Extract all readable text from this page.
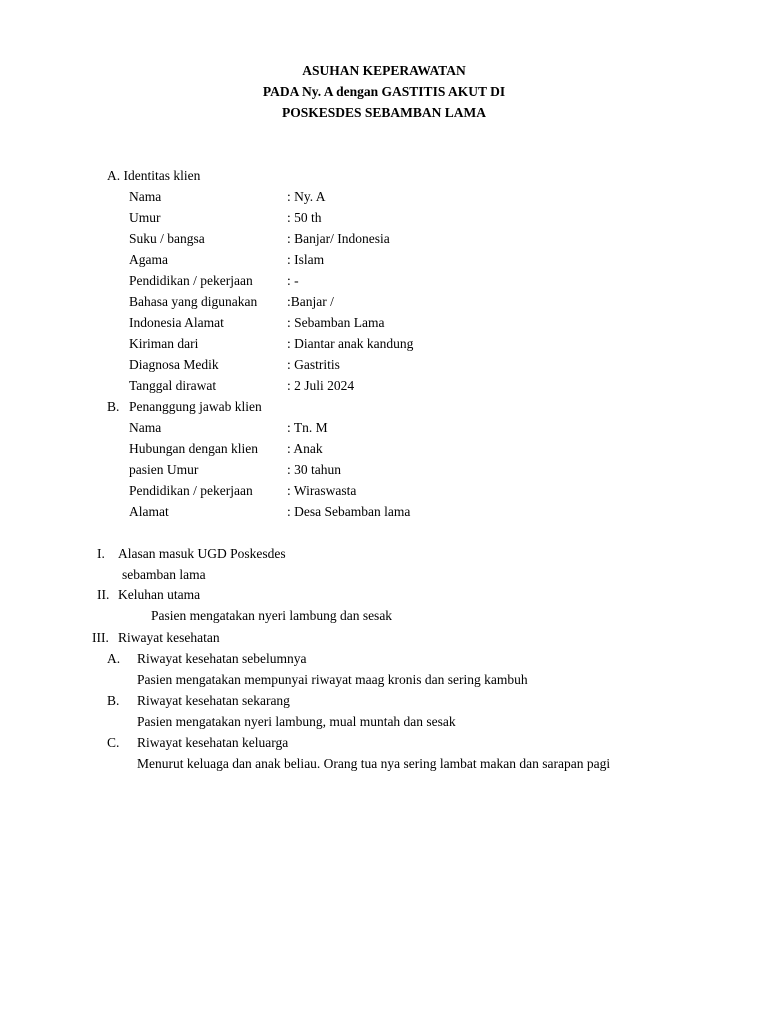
ASUHAN KEPERAWATAN
PADA Ny. A dengan GASTITIS AKUT DI
POSKESDES SEBAMBAN LAMA
A. Identitas klien
Nama	: Ny. A
Umur	: 50 th
Suku / bangsa	: Banjar/ Indonesia
Agama	: Islam
Pendidikan / pekerjaan	: -
Bahasa yang digunakan :Banjar /
Indonesia Alamat	: Sebamban Lama
Kiriman dari	: Diantar anak kandung
Diagnosa Medik	: Gastritis
Tanggal dirawat	: 2 Juli 2024
B. Penanggung jawab klien
Nama	: Tn. M
Hubungan dengan klien : Anak
pasien Umur	: 30 tahun
Pendidikan / pekerjaan	: Wiraswasta
Alamat	: Desa Sebamban lama
I. Alasan masuk UGD Poskesdes
sebamban lama
II. Keluhan utama
Pasien mengatakan nyeri lambung dan sesak
III. Riwayat kesehatan
A. Riwayat kesehatan sebelumnya
Pasien mengatakan mempunyai riwayat maag kronis dan sering kambuh
B. Riwayat kesehatan sekarang
Pasien mengatakan nyeri lambung, mual muntah dan sesak
C. Riwayat kesehatan keluarga
Menurut keluaga dan anak beliau. Orang tua nya sering lambat makan dan sarapan pagi
